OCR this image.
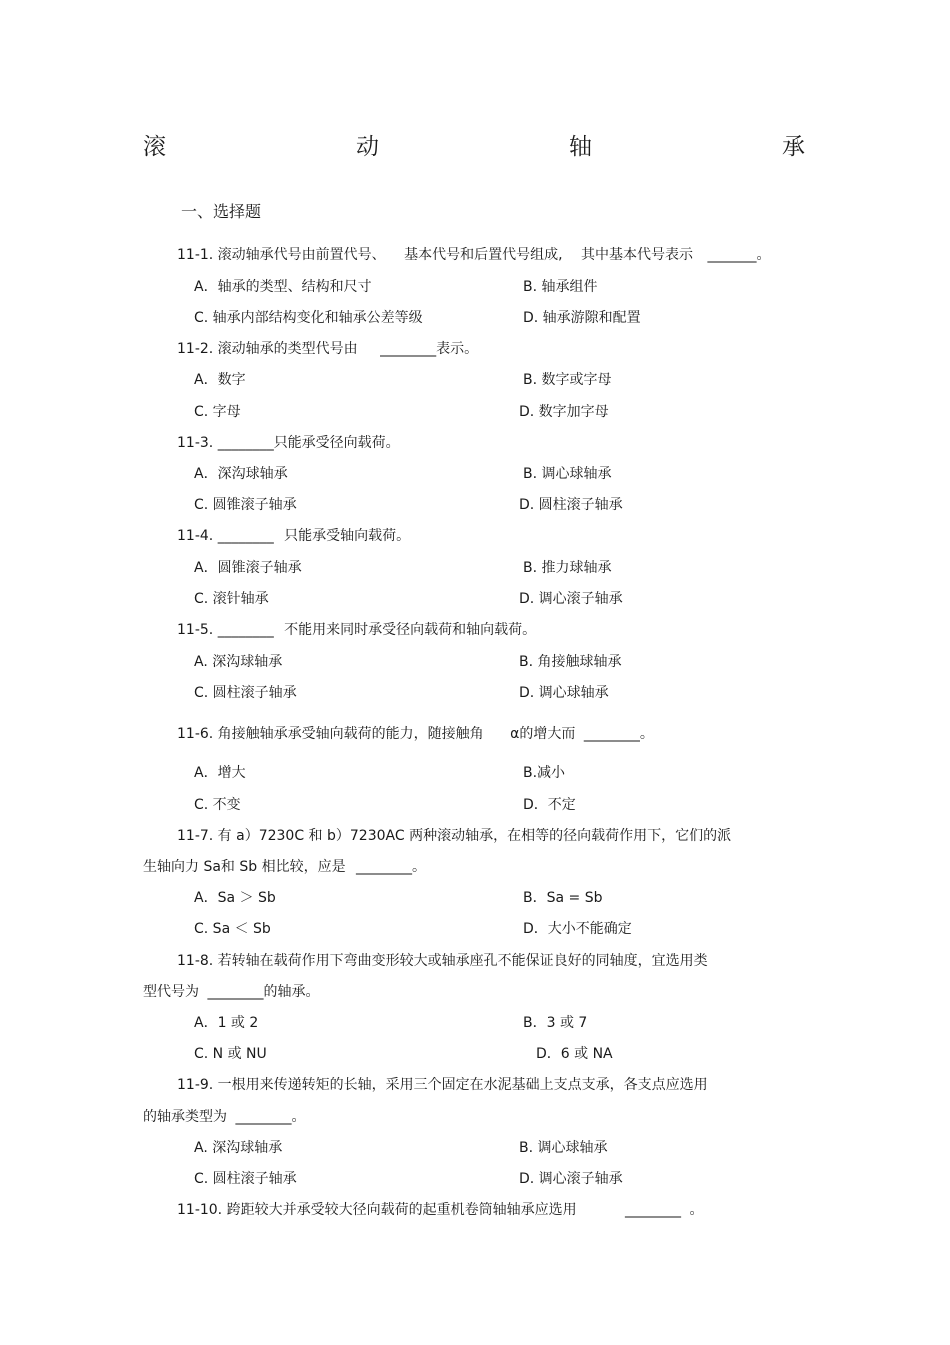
滚	动	轴	承
一、选择题
11-1. 滚动轴承代号由前置代号、 基本代号和后置代号组成, 其中基本代号表示 _______。
A．轴承的类型、结构和尺寸	B. 轴承组件
C. 轴承内部结构变化和轴承公差等级	D. 轴承游隙和配置
11-2. 滚动轴承的类型代号由 ________表示。
A．数字	B. 数字或字母
C. 字母	D. 数字加字母
11-3. ________只能承受径向载荷。
A．深沟球轴承	B. 调心球轴承
C. 圆锥滚子轴承	D. 圆柱滚子轴承
11-4. ________ 只能承受轴向载荷。
A．圆锥滚子轴承	B. 推力球轴承
C. 滚针轴承	D. 调心滚子轴承
11-5. ________ 不能用来同时承受径向载荷和轴向载荷。
A. 深沟球轴承	B. 角接触球轴承
C. 圆柱滚子轴承	D. 调心球轴承
11-6. 角接触轴承承受轴向载荷的能力，随接触角 α的增大而 ________。
A．增大	B.减小
C. 不变	D．不定
11-7. 有 a）7230C 和 b）7230AC 两种滚动轴承，在相等的径向载荷作用下，它们的派
生轴向力 Sa和 Sb 相比较，应是 ________。
A．Sa ＞ Sb	B．Sa = Sb
C. Sa ＜ Sb	D．大小不能确定
11-8. 若转轴在载荷作用下弯曲变形较大或轴承座孔不能保证良好的同轴度，宜选用类
型代号为 ________的轴承。
A．1 或 2	B．3 或 7
C. N 或 NU	D．6 或 NA
11-9. 一根用来传递转矩的长轴，采用三个固定在水泥基础上支点支承，各支点应选用
的轴承类型为 ________。
A. 深沟球轴承	B. 调心球轴承
C. 圆柱滚子轴承	D. 调心滚子轴承
11-10. 跨距较大并承受较大径向载荷的起重机卷筒轴轴承应选用	________ 。
